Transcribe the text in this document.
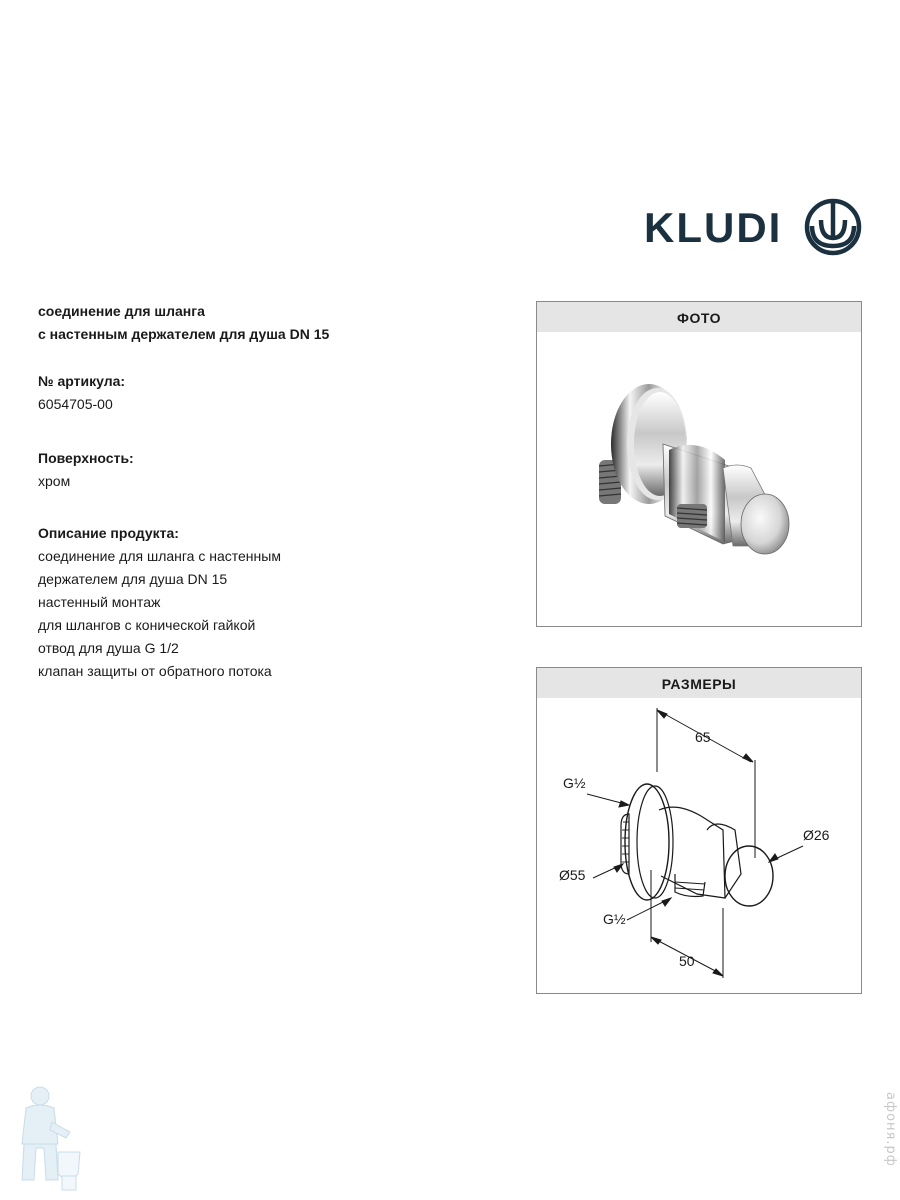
KLUDI
соединение для шланга
с настенным держателем для душа DN 15
№ артикула:
6054705-00
Поверхность:
хром
Описание продукта:
соединение для шланга с настенным
держателем для душа DN 15
настенный монтаж
для шлангов с конической гайкой
отвод для душа G 1/2
клапан защиты от обратного потока
ФОТО
РАЗМЕРЫ
65
G½
Ø26
Ø55
G½
50
афоня.рф
